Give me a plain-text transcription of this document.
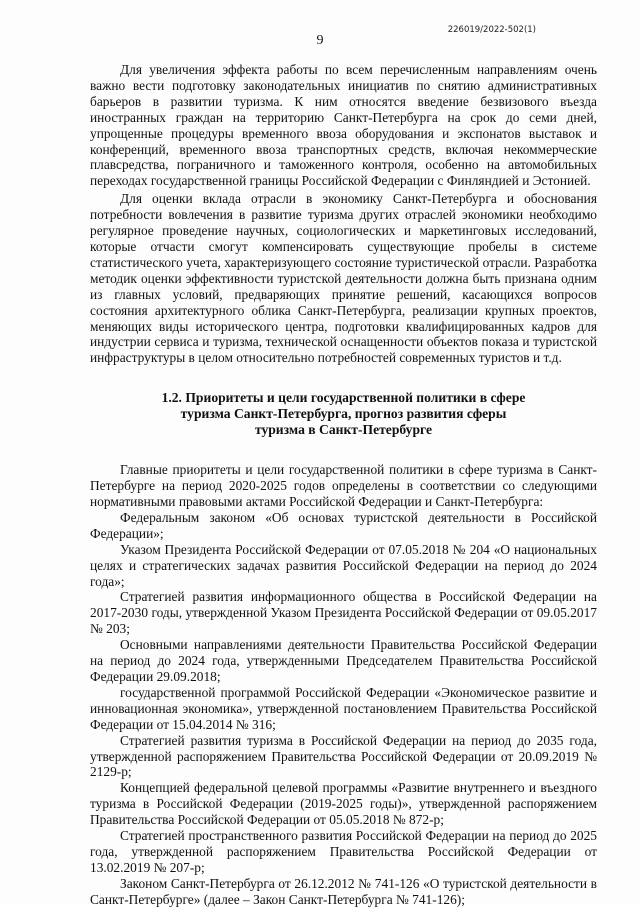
226019/2022-502(1)
9

Для увеличения эффекта работы по всем перечисленным направлениям очень важно вести подготовку законодательных инициатив по снятию административных барьеров в развитии туризма. К ним относятся введение безвизового въезда иностранных граждан на территорию Санкт-Петербурга на срок до семи дней, упрощенные процедуры временного ввоза оборудования и экспонатов выставок и конференций, временного ввоза транспортных средств, включая некоммерческие плавсредства, пограничного и таможенного контроля, особенно на автомобильных переходах государственной границы Российской Федерации с Финляндией и Эстонией.

Для оценки вклада отрасли в экономику Санкт-Петербурга и обоснования потребности вовлечения в развитие туризма других отраслей экономики необходимо регулярное проведение научных, социологических и маркетинговых исследований, которые отчасти смогут компенсировать существующие пробелы в системе статистического учета, характеризующего состояние туристической отрасли. Разработка методик оценки эффективности туристской деятельности должна быть признана одним из главных условий, предваряющих принятие решений, касающихся вопросов состояния архитектурного облика Санкт-Петербурга, реализации крупных проектов, меняющих виды исторического центра, подготовки квалифицированных кадров для индустрии сервиса и туризма, технической оснащенности объектов показа и туристской инфраструктуры в целом относительно потребностей современных туристов и т.д.

1.2. Приоритеты и цели государственной политики в сфере
туризма Санкт-Петербурга, прогноз развития сферы
туризма в Санкт-Петербурге

Главные приоритеты и цели государственной политики в сфере туризма в Санкт-Петербурге на период 2020-2025 годов определены в соответствии со следующими нормативными правовыми актами Российской Федерации и Санкт-Петербурга:

Федеральным законом «Об основах туристской деятельности в Российской Федерации»;

Указом Президента Российской Федерации от 07.05.2018 № 204 «О национальных целях и стратегических задачах развития Российской Федерации на период до 2024 года»;

Стратегией развития информационного общества в Российской Федерации на 2017-2030 годы, утвержденной Указом Президента Российской Федерации от 09.05.2017 № 203;

Основными направлениями деятельности Правительства Российской Федерации на период до 2024 года, утвержденными Председателем Правительства Российской Федерации 29.09.2018;

государственной программой Российской Федерации «Экономическое развитие и инновационная экономика», утвержденной постановлением Правительства Российской Федерации от 15.04.2014 № 316;

Стратегией развития туризма в Российской Федерации на период до 2035 года, утвержденной распоряжением Правительства Российской Федерации от 20.09.2019 № 2129-р;

Концепцией федеральной целевой программы «Развитие внутреннего и въездного туризма в Российской Федерации (2019-2025 годы)», утвержденной распоряжением Правительства Российской Федерации от 05.05.2018 № 872-р;

Стратегией пространственного развития Российской Федерации на период до 2025 года, утвержденной распоряжением Правительства Российской Федерации от 13.02.2019 № 207-р;

Законом Санкт-Петербурга от 26.12.2012 № 741-126 «О туристской деятельности в Санкт-Петербурге» (далее – Закон Санкт-Петербурга № 741-126);
